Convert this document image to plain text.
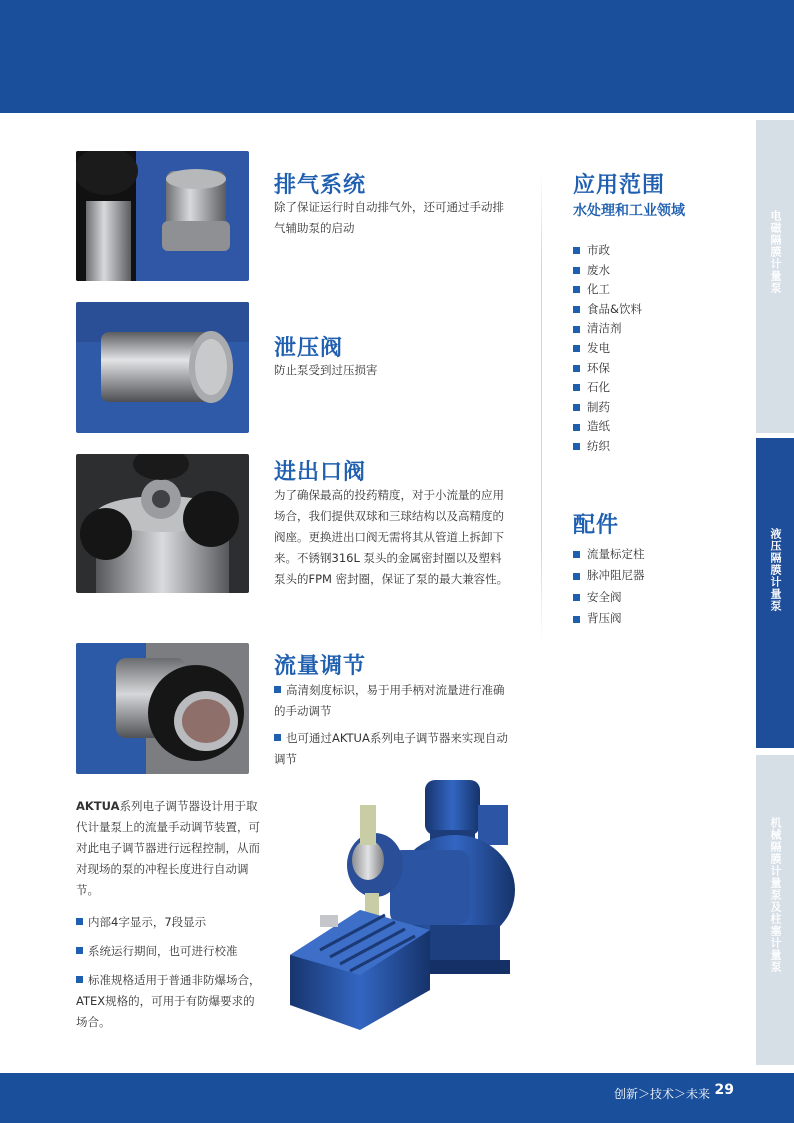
电磁隔膜计量泵
液压隔膜计量泵
机械隔膜计量泵及柱塞计量泵
排气系统

除了保证运行时自动排气外，还可通过手动排气辅助泵的启动

泄压阀

防止泵受到过压损害

进出口阀

为了确保最高的投药精度，对于小流量的应用场合，我们提供双球和三球结构以及高精度的阀座。更换进出口阀无需将其从管道上拆卸下来。不锈钢316L 泵头的金属密封圈以及塑料泵头的FPM 密封圈，保证了泵的最大兼容性。

流量调节

高清刻度标识，易于用手柄对流量进行准确的手动调节

也可通过AKTUA系列电子调节器来实现自动调节

应用范围

水处理和工业领域

市政
废水
化工
食品&饮料
清洁剂
发电
环保
石化
制药
造纸
纺织
配件
流量标定柱
脉冲阻尼器
安全阀
背压阀

AKTUA系列电子调节器设计用于取代计量泵上的流量手动调节装置，可对此电子调节器进行远程控制，从而对现场的泵的冲程长度进行自动调节。

内部4字显示，7段显示

系统运行期间，也可进行校准

标准规格适用于普通非防爆场合，ATEX规格的，可用于有防爆要求的场合。

创新＞技术＞未来 29
